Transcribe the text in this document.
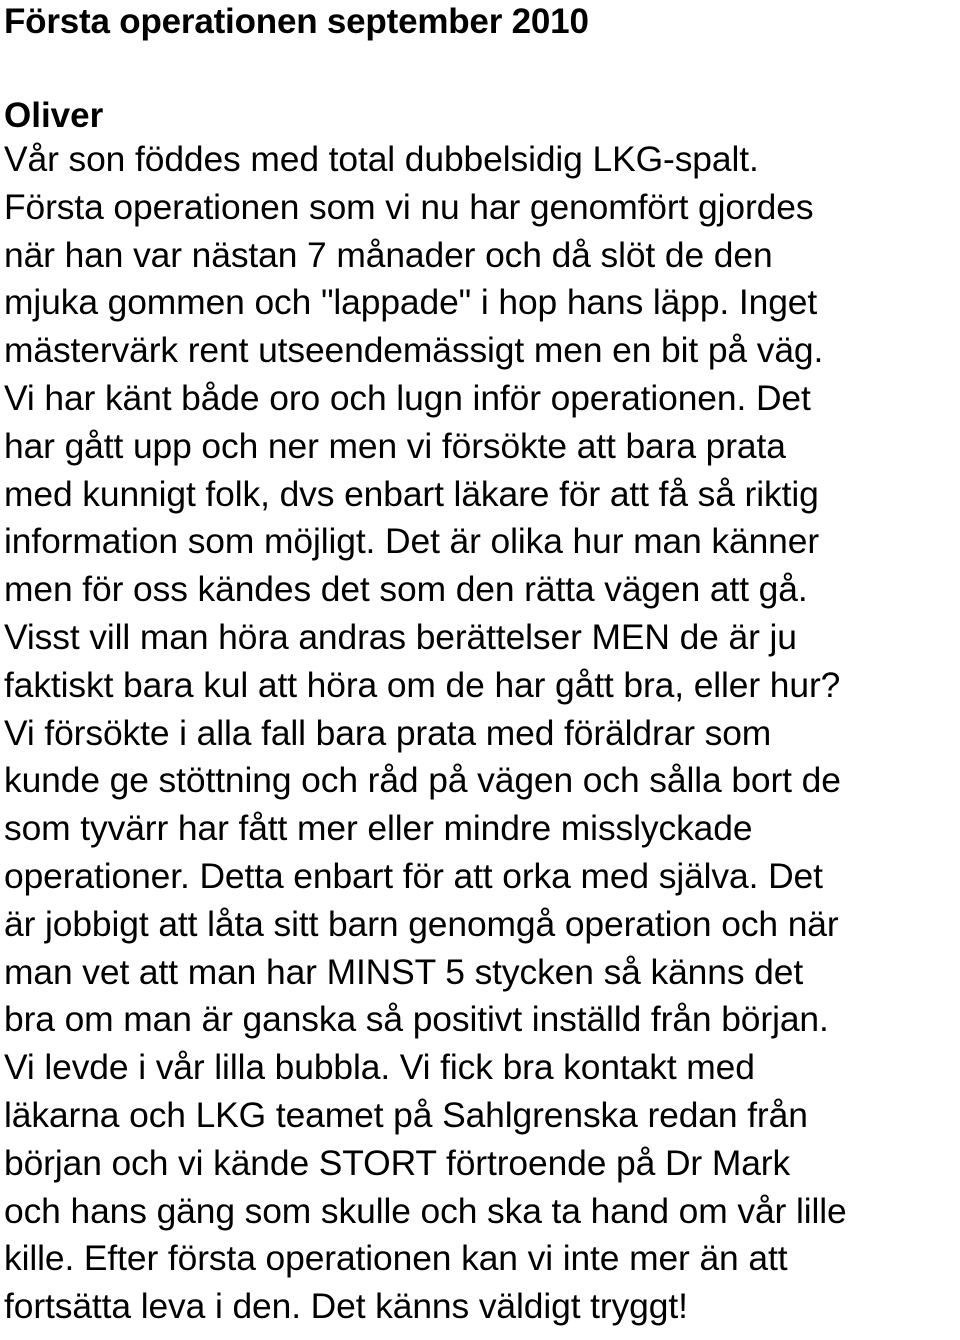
Första operationen september 2010
Oliver

Vår son föddes med total dubbelsidig LKG-spalt.
Första operationen som vi nu har genomfört gjordes
när han var nästan 7 månader och då slöt de den
mjuka gommen och "lappade" i hop hans läpp. Inget
mästervärk rent utseendemässigt men en bit på väg.
Vi har känt både oro och lugn inför operationen. Det
har gått upp och ner men vi försökte att bara prata
med kunnigt folk, dvs enbart läkare för att få så riktig
information som möjligt. Det är olika hur man känner
men för oss kändes det som den rätta vägen att gå.
Visst vill man höra andras berättelser MEN de är ju
faktiskt bara kul att höra om de har gått bra, eller hur?
Vi försökte i alla fall bara prata med föräldrar som
kunde ge stöttning och råd på vägen och sålla bort de
som tyvärr har fått mer eller mindre misslyckade
operationer. Detta enbart för att orka med själva. Det
är jobbigt att låta sitt barn genomgå operation och när
man vet att man har MINST 5 stycken så känns det
bra om man är ganska så positivt inställd från början.
Vi levde i vår lilla bubbla. Vi fick bra kontakt med
läkarna och LKG teamet på Sahlgrenska redan från
början och vi kände STORT förtroende på Dr Mark
och hans gäng som skulle och ska ta hand om vår lille
kille. Efter första operationen kan vi inte mer än att
fortsätta leva i den. Det känns väldigt tryggt!
